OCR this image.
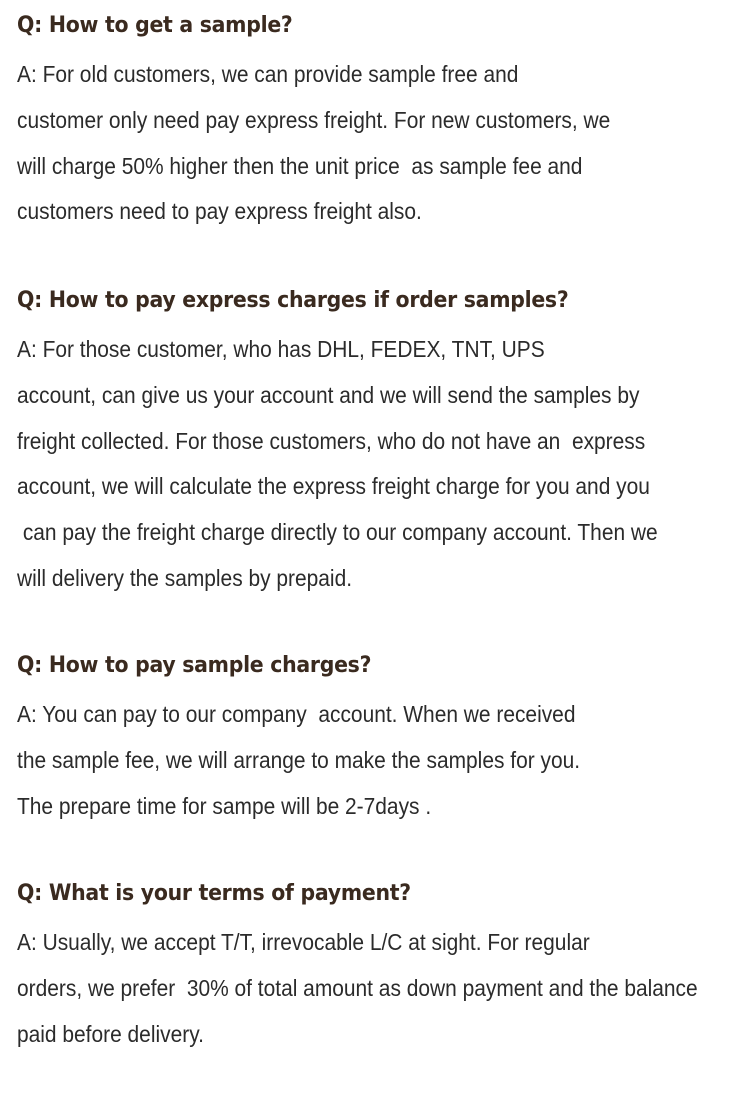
Q: How to get a sample?
A: For old customers, we can provide sample free and
customer only need pay express freight. For new customers, we
will charge 50% higher then the unit price  as sample fee and
customers need to pay express freight also.
Q: How to pay express charges if order samples?
A: For those customer, who has DHL, FEDEX, TNT, UPS
account, can give us your account and we will send the samples by
freight collected. For those customers, who do not have an  express
account, we will calculate the express freight charge for you and you
can pay the freight charge directly to our company account. Then we
will delivery the samples by prepaid.
Q: How to pay sample charges?
A: You can pay to our company  account. When we received
the sample fee, we will arrange to make the samples for you.
The prepare time for sampe will be 2-7days .
Q: What is your terms of payment?
A: Usually, we accept T/T, irrevocable L/C at sight. For regular
orders, we prefer  30% of total amount as down payment and the balance
paid before delivery.
